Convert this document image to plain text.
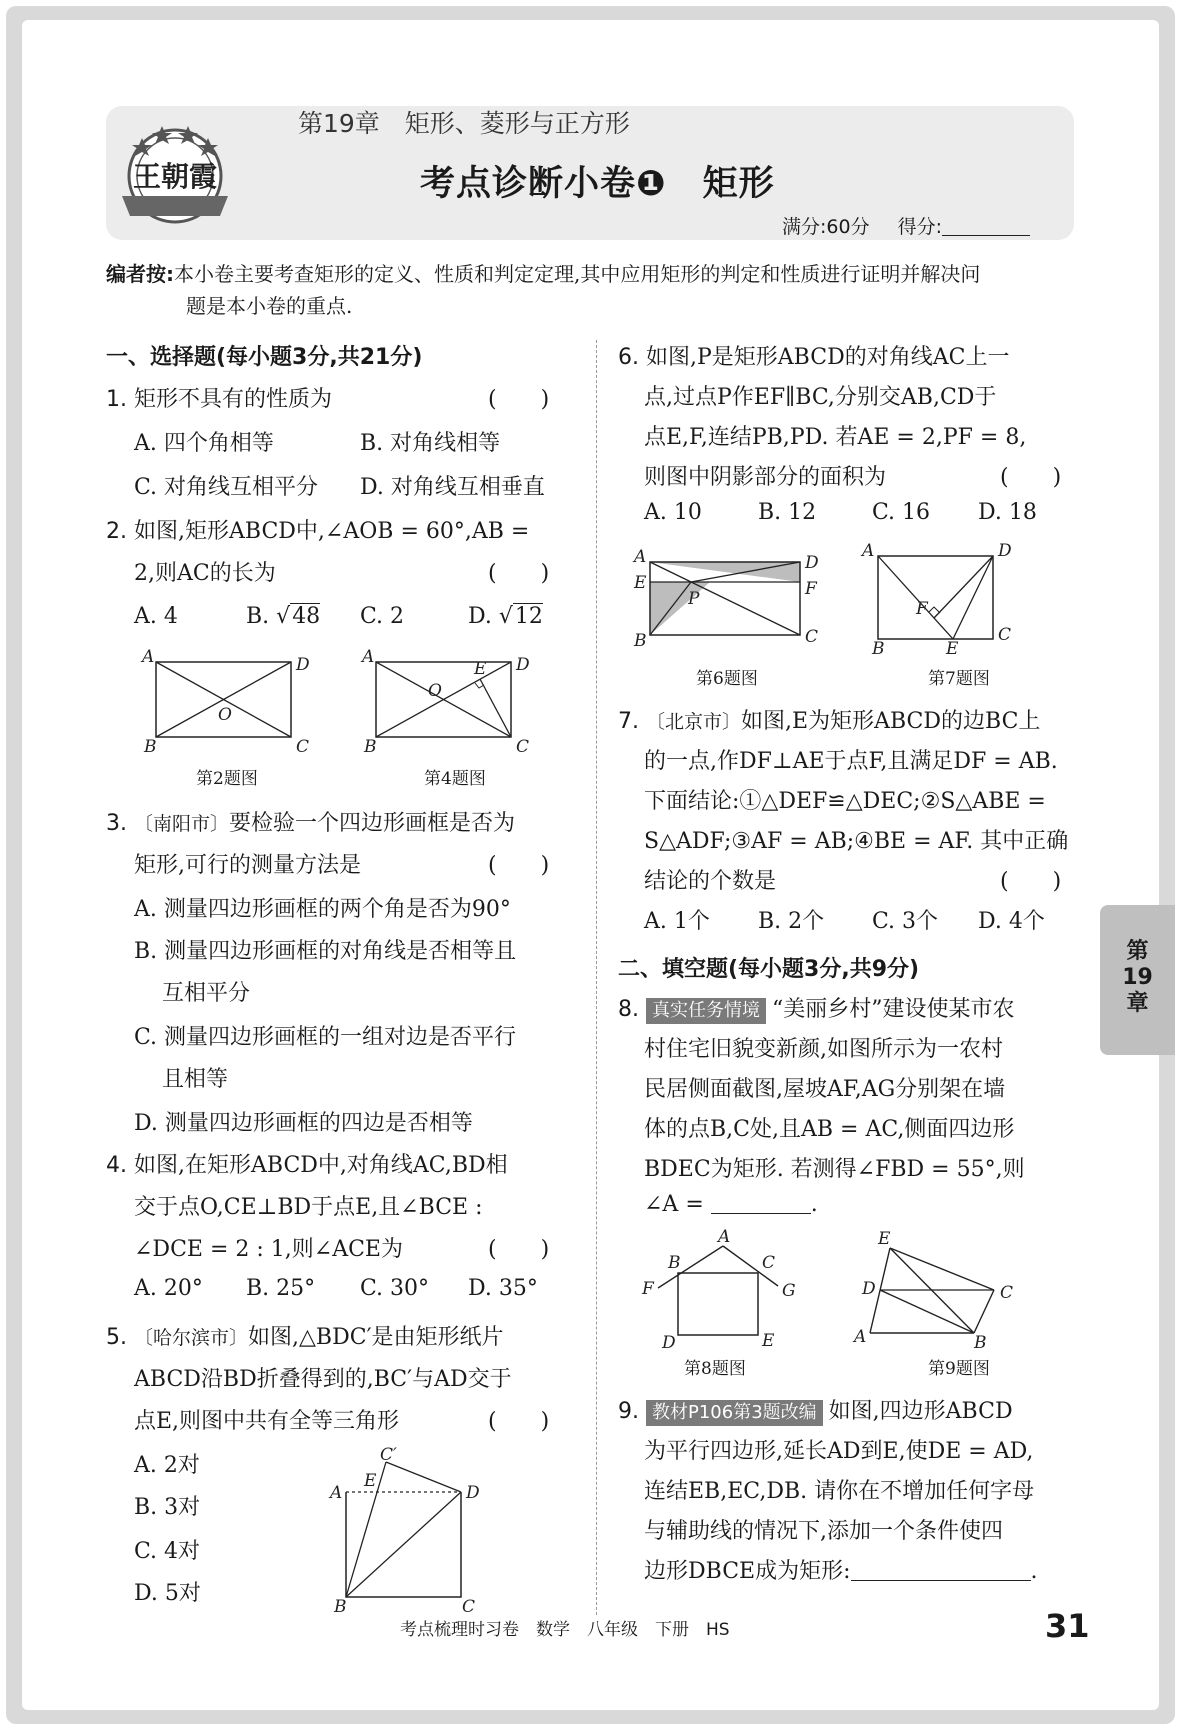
王朝霞
第19章　矩形、菱形与正方形
考点诊断小卷❶　矩形
满分:60分 得分:
编者按:本小卷主要考查矩形的定义、性质和判定定理,其中应用矩形的判定和性质进行证明并解决问
题是本小卷的重点.
一、选择题(每小题3分,共21分)
1. 矩形不具有的性质为	(　　)
A. 四个角相等	B. 对角线相等
C. 对角线互相平分 D. 对角线互相垂直
2. 如图,矩形ABCD中,∠AOB = 60°,AB =
2,则AC的长为	(　　)
A. 4	B. √48 C. 2	D. √12
A	D
O
B	C
第2题图
A
E D
O
B	C
第4题图
3. 〔南阳市〕要检验一个四边形画框是否为
矩形,可行的测量方法是	(　　)
A. 测量四边形画框的两个角是否为90°
B. 测量四边形画框的对角线是否相等且
互相平分
C. 测量四边形画框的一组对边是否平行
且相等
D. 测量四边形画框的四边是否相等
4. 如图,在矩形ABCD中,对角线AC,BD相
交于点O,CE⊥BD于点E,且∠BCE :
∠DCE = 2 : 1,则∠ACE为	(　　)
A. 20° B. 25° C. 30° D. 35°
5. 〔哈尔滨市〕如图,△BDC′是由矩形纸片
ABCD沿BD折叠得到的,BC′与AD交于
点E,则图中共有全等三角形	(　　)
A. 2对
B. 3对
C. 4对
D. 5对
C′
A
E
D
B	C
6. 如图,P是矩形ABCD的对角线AC上一
点,过点P作EF∥BC,分别交AB,CD于
点E,F,连结PB,PD. 若AE = 2,PF = 8,
则图中阴影部分的面积为	(　　)
A. 10	B. 12	C. 16 D. 18
A	D
E	F
P
B	C
第6题图
A	D
F
B	E
C
第7题图
7. 〔北京市〕如图,E为矩形ABCD的边BC上
的一点,作DF⊥AE于点F,且满足DF = AB.
下面结论:①△DEF≌△DEC;②S△ABE =
S△ADF;③AF = AB;④BE = AF. 其中正确
结论的个数是	(　　)
A. 1个 B. 2个 C. 3个 D. 4个
二、填空题(每小题3分,共9分)
8. 真实任务情境 “美丽乡村”建设使某市农
村住宅旧貌变新颜,如图所示为一农村
民居侧面截图,屋坡AF,AG分别架在墙
体的点B,C处,且AB = AC,侧面四边形
BDEC为矩形. 若测得∠FBD = 55°,则
∠A =	.
A
B	C
F	G
D	E
第8题图
E
D	C
A	B
第9题图
9. 教材P106第3题改编 如图,四边形ABCD
为平行四边形,延长AD到E,使DE = AD,
连结EB,EC,DB. 请你在不增加任何字母
与辅助线的情况下,添加一个条件使四
边形DBCE成为矩形:	.
第
19
章
考点梳理时习卷　数学　八年级　下册　HS	31
